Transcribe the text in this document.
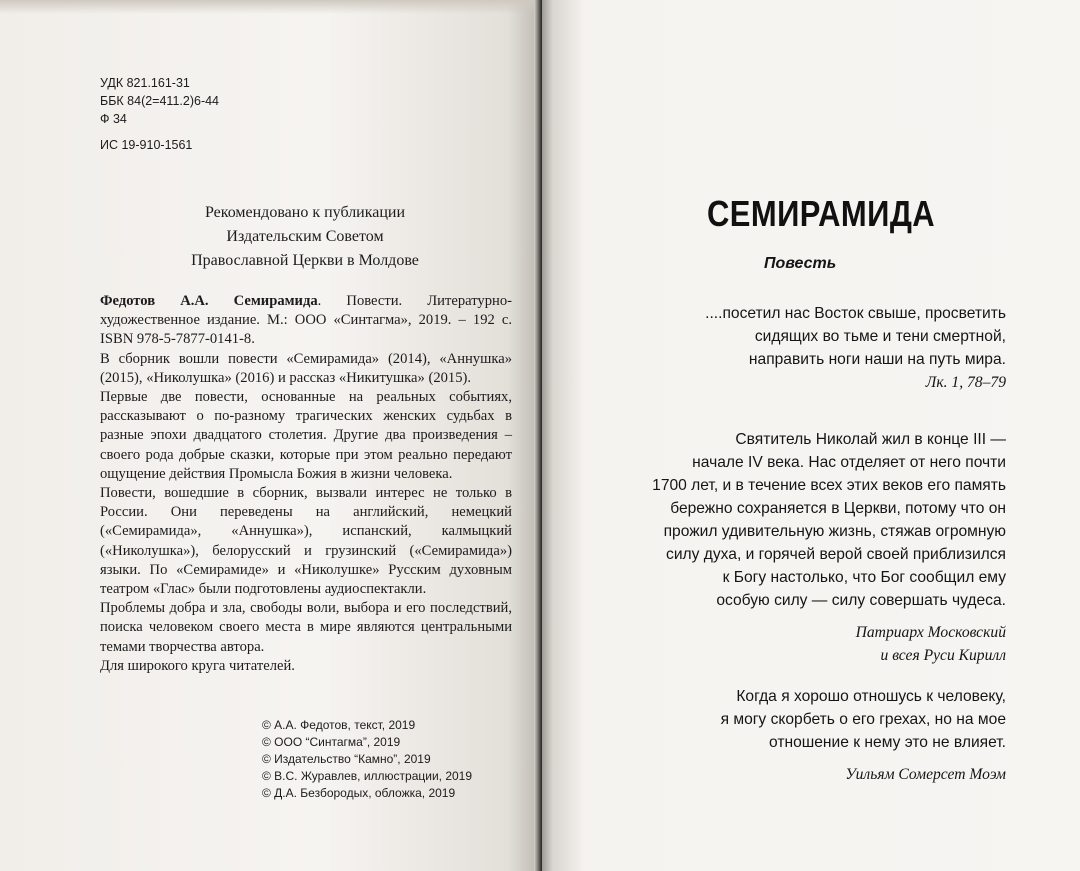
УДК 821.161-31
ББК 84(2=411.2)6-44
Ф 34
ИС 19-910-1561
Рекомендовано к публикации
Издательским Советом
Православной Церкви в Молдове

Федотов А.А. Семирамида. Повести. Литературно-художественное издание. М.: ООО «Синтагма», 2019. – 192 с. ISBN 978-5-7877-0141-8.

В сборник вошли повести «Семирамида» (2014), «Аннушка» (2015), «Николушка» (2016) и рассказ «Никитушка» (2015).

Первые две повести, основанные на реальных событиях, рассказывают о по-разному трагических женских судьбах в разные эпохи двадцатого столетия. Другие два произведения – своего рода добрые сказки, которые при этом реально передают ощущение действия Промысла Божия в жизни человека.

Повести, вошедшие в сборник, вызвали интерес не только в России. Они переведены на английский, немецкий («Семирамида», «Аннушка»), испанский, калмыцкий («Николушка»), белорусский и грузинский («Семирамида») языки. По «Семирамиде» и «Николушке» Русским духовным театром «Глас» были подготовлены аудиоспектакли.

Проблемы добра и зла, свободы воли, выбора и его последствий, поиска человеком своего места в мире являются центральными темами творчества автора.

Для широкого круга читателей.

© А.А. Федотов, текст, 2019
© ООО “Синтагма”, 2019
© Издательство “Камно”, 2019
© В.С. Журавлев, иллюстрации, 2019
© Д.А. Безбородых, обложка, 2019
СЕМИРАМИДА
Повесть
....посетил нас Восток свыше, просветить
сидящих во тьме и тени смертной,
направить ноги наши на путь мира.
Лк. 1, 78–79
Святитель Николай жил в конце III —
начале IV века. Нас отделяет от него почти
1700 лет, и в течение всех этих веков его память
бережно сохраняется в Церкви, потому что он
прожил удивительную жизнь, стяжав огромную
силу духа, и горячей верой своей приблизился
к Богу настолько, что Бог сообщил ему
особую силу — силу совершать чудеса.
Патриарх Московский
и всея Руси Кирилл
Когда я хорошо отношусь к человеку,
я могу скорбеть о его грехах, но на мое
отношение к нему это не влияет.
Уильям Сомерсет Моэм
